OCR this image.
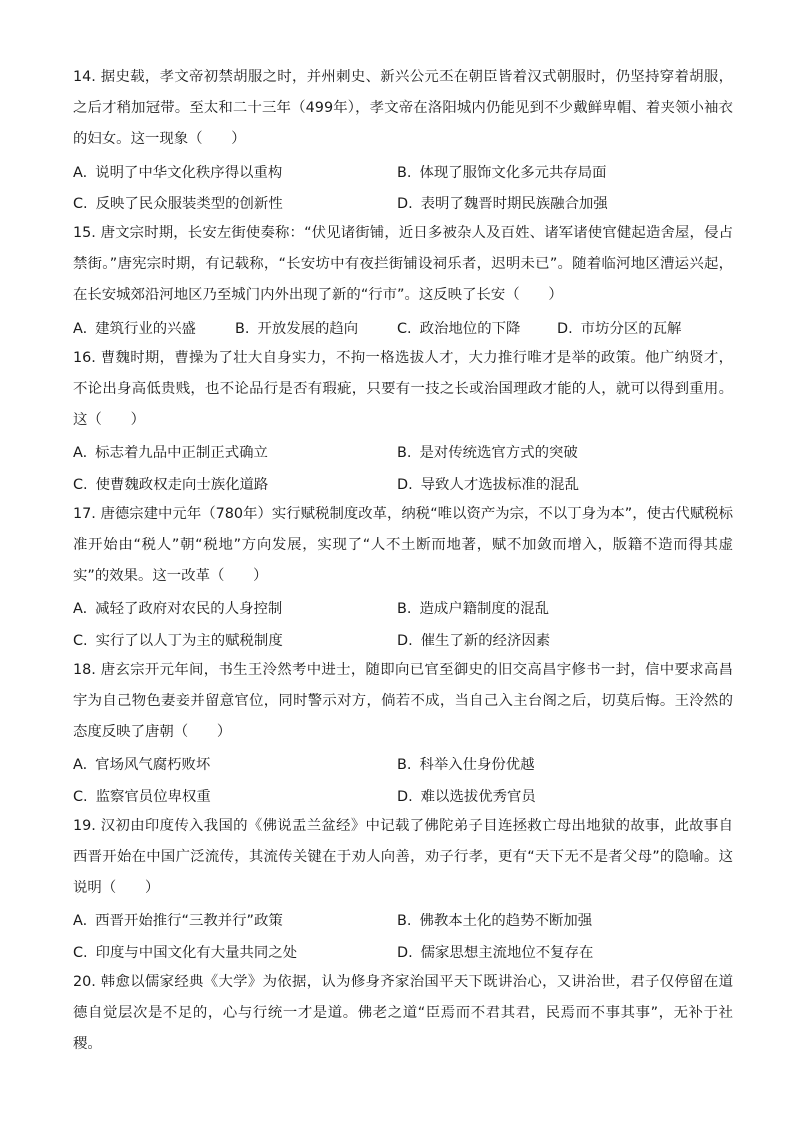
14. 据史载，孝文帝初禁胡服之时，并州刺史、新兴公元丕在朝臣皆着汉式朝服时，仍坚持穿着胡服，之后才稍加冠带。至太和二十三年（499年），孝文帝在洛阳城内仍能见到不少戴鲜卑帽、着夹领小袖衣的妇女。这一现象（　　）

A. 说明了中华文化秩序得以重构	B. 体现了服饰文化多元共存局面
C. 反映了民众服装类型的创新性	D. 表明了魏晋时期民族融合加强

15. 唐文宗时期，长安左街使奏称：“伏见诸街铺，近日多被杂人及百姓、诸军诸使官健起造舍屋，侵占禁街。”唐宪宗时期，有记载称，“长安坊中有夜拦街铺设祠乐者，迟明未已”。随着临河地区漕运兴起，在长安城郊沿河地区乃至城门内外出现了新的“行市”。这反映了长安（　　）

A. 建筑行业的兴盛	B. 开放发展的趋向	C. 政治地位的下降	D. 市坊分区的瓦解

16. 曹魏时期，曹操为了壮大自身实力，不拘一格选拔人才，大力推行唯才是举的政策。他广纳贤才，不论出身高低贵贱，也不论品行是否有瑕疵，只要有一技之长或治国理政才能的人，就可以得到重用。这（　　）

A. 标志着九品中正制正式确立	B. 是对传统选官方式的突破
C. 使曹魏政权走向士族化道路	D. 导致人才选拔标准的混乱

17. 唐德宗建中元年（780年）实行赋税制度改革，纳税“唯以资产为宗，不以丁身为本”，使古代赋税标准开始由“税人”朝“税地”方向发展，实现了“人不土断而地著，赋不加敛而增入，版籍不造而得其虚实”的效果。这一改革（　　）

A. 减轻了政府对农民的人身控制	B. 造成户籍制度的混乱
C. 实行了以人丁为主的赋税制度	D. 催生了新的经济因素

18. 唐玄宗开元年间，书生王泠然考中进士，随即向已官至御史的旧交高昌宇修书一封，信中要求高昌宇为自己物色妻妾并留意官位，同时警示对方，倘若不成，当自己入主台阁之后，切莫后悔。王泠然的态度反映了唐朝（　　）

A. 官场风气腐朽败坏	B. 科举入仕身份优越
C. 监察官员位卑权重	D. 难以选拔优秀官员

19. 汉初由印度传入我国的《佛说盂兰盆经》中记载了佛陀弟子目连拯救亡母出地狱的故事，此故事自西晋开始在中国广泛流传，其流传关键在于劝人向善，劝子行孝，更有“天下无不是者父母”的隐喻。这说明（　　）

A. 西晋开始推行“三教并行”政策	B. 佛教本土化的趋势不断加强
C. 印度与中国文化有大量共同之处	D. 儒家思想主流地位不复存在

20. 韩愈以儒家经典《大学》为依据，认为修身齐家治国平天下既讲治心，又讲治世，君子仅停留在道德自觉层次是不足的，心与行统一才是道。佛老之道“臣焉而不君其君，民焉而不事其事”，无补于社稷。
